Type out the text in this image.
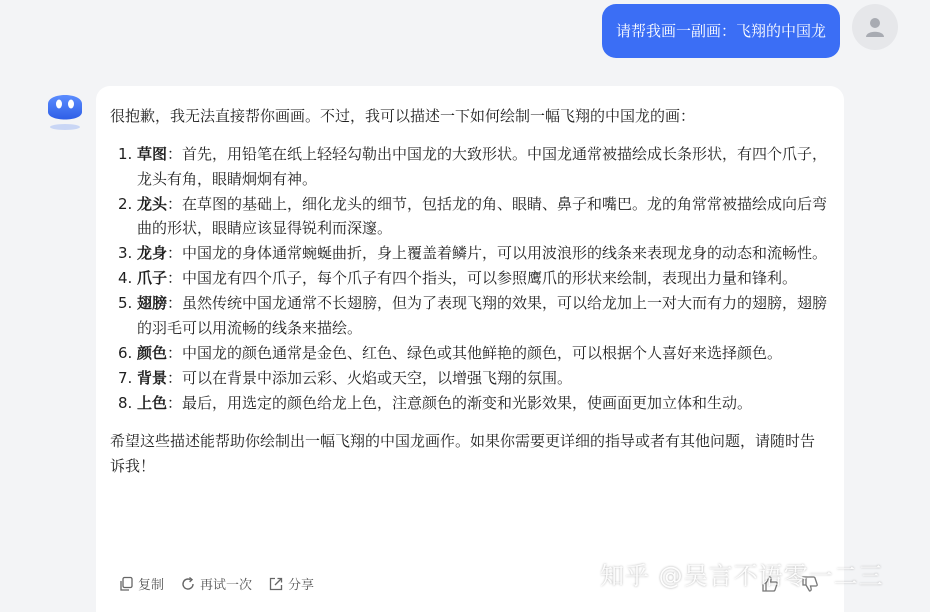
请帮我画一副画：飞翔的中国龙
很抱歉，我无法直接帮你画画。不过，我可以描述一下如何绘制一幅飞翔的中国龙的画：
1. 草图：首先，用铅笔在纸上轻轻勾勒出中国龙的大致形状。中国龙通常被描绘成长条形状，有四个爪子，龙头有角，眼睛炯炯有神。
2. 龙头：在草图的基础上，细化龙头的细节，包括龙的角、眼睛、鼻子和嘴巴。龙的角常常被描绘成向后弯曲的形状，眼睛应该显得锐利而深邃。
3. 龙身：中国龙的身体通常蜿蜒曲折，身上覆盖着鳞片，可以用波浪形的线条来表现龙身的动态和流畅性。
4. 爪子：中国龙有四个爪子，每个爪子有四个指头，可以参照鹰爪的形状来绘制，表现出力量和锋利。
5. 翅膀：虽然传统中国龙通常不长翅膀，但为了表现飞翔的效果，可以给龙加上一对大而有力的翅膀，翅膀的羽毛可以用流畅的线条来描绘。
6. 颜色：中国龙的颜色通常是金色、红色、绿色或其他鲜艳的颜色，可以根据个人喜好来选择颜色。
7. 背景：可以在背景中添加云彩、火焰或天空，以增强飞翔的氛围。
8. 上色：最后，用选定的颜色给龙上色，注意颜色的渐变和光影效果，使画面更加立体和生动。
希望这些描述能帮助你绘制出一幅飞翔的中国龙画作。如果你需要更详细的指导或者有其他问题，请随时告诉我！
复制	再试一次	分享	知乎 @吴言不语零一二三
